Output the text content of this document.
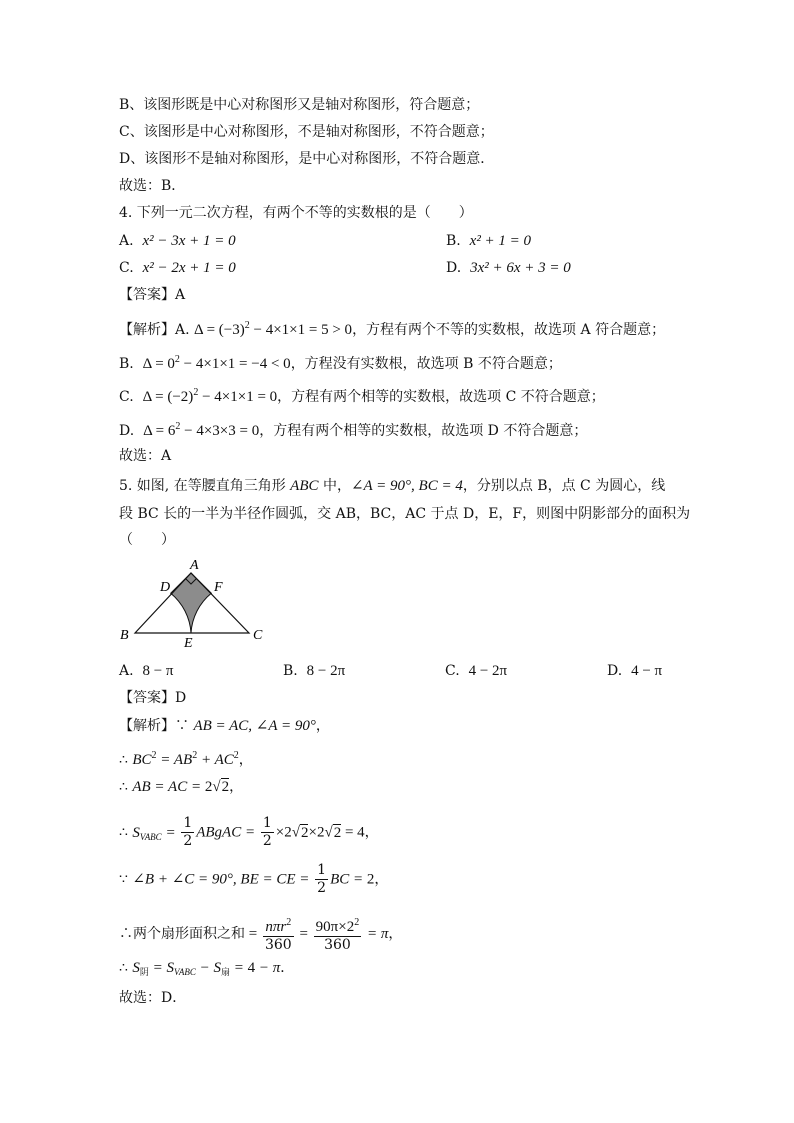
B、该图形既是中心对称图形又是轴对称图形，符合题意；
C、该图形是中心对称图形，不是轴对称图形，不符合题意；
D、该图形不是轴对称图形，是中心对称图形，不符合题意．
故选：B．
4. 下列一元二次方程，有两个不等的实数根的是（　　）
A. x² − 3x + 1 = 0	B. x² + 1 = 0
C. x² − 2x + 1 = 0	D. 3x² + 6x + 3 = 0
【答案】A
【解析】A. $\Delta = (-3)^2 - 4\times 1\times 1 = 5 > 0$，方程有两个不等的实数根，故选项 A 符合题意；
B.  $\Delta = 0^2 - 4\times 1\times 1 = -4 < 0$，方程没有实数根，故选项 B 不符合题意；
C.  $\Delta = (-2)^2 - 4\times 1\times 1 = 0$，方程有两个相等的实数根，故选项 C 不符合题意；
D.  $\Delta = 6^2 - 4\times 3\times 3 = 0$，方程有两个相等的实数根，故选项 D 不符合题意；
故选：A
5. 如图, 在等腰直角三角形 ABC 中，∠A = 90°, BC = 4，分别以点 B，点 C 为圆心，线
段 BC 长的一半为半径作圆弧，交 AB，BC，AC 于点 D，E，F，则图中阴影部分的面积为
（　　）
A
D	F
B
E
C
A. 8 − π	B. 8 − 2π	C. 4 − 2π	D. 4 − π
【答案】D
【解析】∵ AB = AC, ∠A = 90°，
∴ $BC^2 = AB^2 + AC^2$，
∴ AB = AC = 2√2，
∴ $S_{VABC} = \frac{1}{2}$ ABgAC = $\frac{1}{2} \times 2√2\times 2√2 = 4$，
∵ ∠B + ∠C = 90°, BE = CE = $\frac{1}{2}$ BC = 2，
∴两个扇形面积之和 = $\frac{n\pi r^2}{360} = \frac{90\pi\times 2^2}{360} = \pi$，
∴ $S_阴 = S_{VABC} - S_扇 = 4 - \pi$．
故选：D．
